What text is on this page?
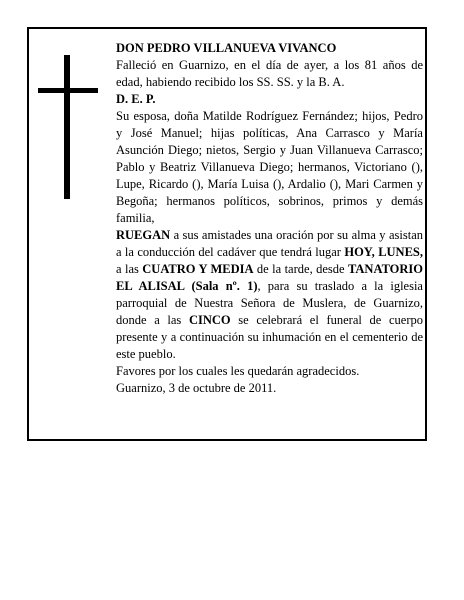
DON PEDRO VILLANUEVA VIVANCO

Falleció en Guarnizo, en el día de ayer, a los 81 años de edad, habiendo recibido los SS. SS. y la B. A.

D. E. P.

Su esposa, doña Matilde Rodríguez Fernández; hijos, Pedro y José Manuel; hijas políticas, Ana Carrasco y María Asunción Diego; nietos, Sergio y Juan Villanueva Carrasco; Pablo y Beatriz Villanueva Diego; hermanos, Victoriano (), Lupe, Ricardo (), María Luisa (), Ardalio (), Mari Carmen y Begoña; hermanos políticos, sobrinos, primos y demás familia,

RUEGAN a sus amistades una oración por su alma y asistan a la conducción del cadáver que tendrá lugar HOY, LUNES, a las CUATRO Y MEDIA de la tarde, desde TANATORIO EL ALISAL (Sala nº. 1), para su traslado a la iglesia parroquial de Nuestra Señora de Muslera, de Guarnizo, donde a las CINCO se celebrará el funeral de cuerpo presente y a continuación su inhumación en el cementerio de este pueblo.

Favores por los cuales les quedarán agradecidos.

Guarnizo, 3 de octubre de 2011.
